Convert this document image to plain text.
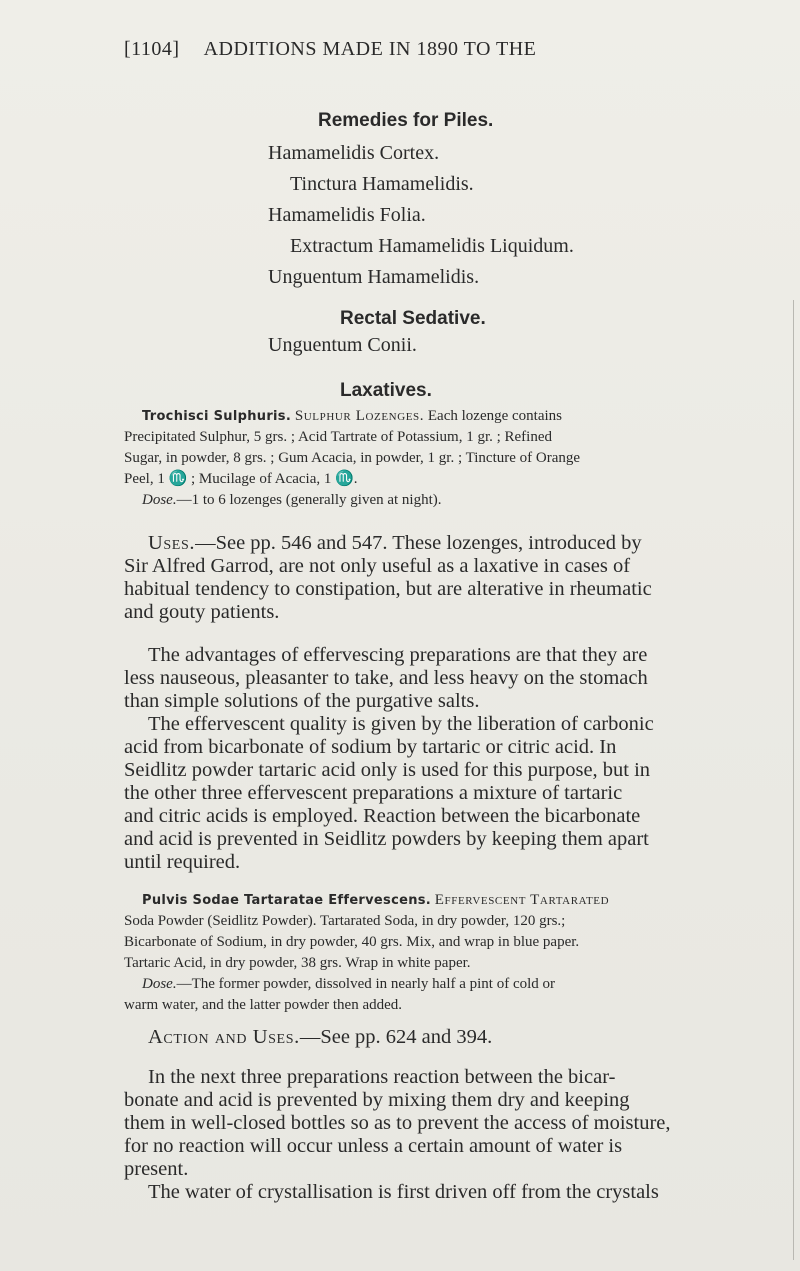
[1104] ADDITIONS MADE IN 1890 TO THE
Remedies for Piles.
Hamamelidis Cortex.
Tinctura Hamamelidis.
Hamamelidis Folia.
Extractum Hamamelidis Liquidum.
Unguentum Hamamelidis.
Rectal Sedative.
Unguentum Conii.
Laxatives.
Trochisci Sulphuris. Sulphur Lozenges. Each lozenge contains
Precipitated Sulphur, 5 grs. ; Acid Tartrate of Potassium, 1 gr. ; Refined
Sugar, in powder, 8 grs. ; Gum Acacia, in powder, 1 gr. ; Tincture of Orange
Peel, 1 ♏ ; Mucilage of Acacia, 1 ♏.
Dose.—1 to 6 lozenges (generally given at night).
Uses.—See pp. 546 and 547. These lozenges, introduced by
Sir Alfred Garrod, are not only useful as a laxative in cases of
habitual tendency to constipation, but are alterative in rheumatic
and gouty patients.
The advantages of effervescing preparations are that they are
less nauseous, pleasanter to take, and less heavy on the stomach
than simple solutions of the purgative salts.
The effervescent quality is given by the liberation of carbonic
acid from bicarbonate of sodium by tartaric or citric acid. In
Seidlitz powder tartaric acid only is used for this purpose, but in
the other three effervescent preparations a mixture of tartaric
and citric acids is employed. Reaction between the bicarbonate
and acid is prevented in Seidlitz powders by keeping them apart
until required.
Pulvis Sodae Tartaratae Effervescens. Effervescent Tartarated
Soda Powder (Seidlitz Powder). Tartarated Soda, in dry powder, 120 grs.;
Bicarbonate of Sodium, in dry powder, 40 grs. Mix, and wrap in blue paper.
Tartaric Acid, in dry powder, 38 grs. Wrap in white paper.
Dose.—The former powder, dissolved in nearly half a pint of cold or
warm water, and the latter powder then added.
Action and Uses.—See pp. 624 and 394.
In the next three preparations reaction between the bicar-
bonate and acid is prevented by mixing them dry and keeping
them in well-closed bottles so as to prevent the access of moisture,
for no reaction will occur unless a certain amount of water is
present.
The water of crystallisation is first driven off from the crystals
